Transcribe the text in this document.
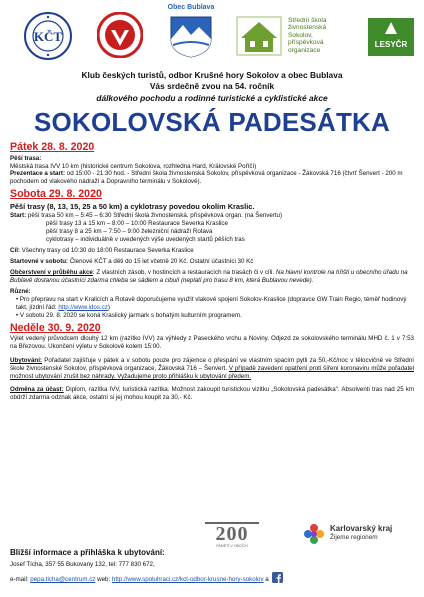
KČT
Obec Bublava
Střední škola
živnostenská
Sokolov,
příspěvková
organizace
LESYČR
Klub českých turistů, odbor Krušné hory Sokolov a obec Bublava
Vás srdečně zvou na 54. ročník
dálkového pochodu a rodinné turistické a cyklistické akce
SOKOLOVSKÁ PADESÁTKA
Pátek 28. 8. 2020
Pěší trasa:
Městská trasa IVV 10 km (historické centrum Sokolova, rozhledna Hard, Královské Poříčí)
Prezentace a start: od 15:00 - 21:30 hod. - Střední škola živnostenská Sokolov, příspěvková organizace - Žákovská 716 (čtvrť Šenvert - 200 m pochodem od vlakového nádraží a Dopravního terminálu v Sokolově).
Sobota 29. 8. 2020
Pěší trasy (8, 13, 15, 25 a 50 km) a cyklotrasy povedou okolím Kraslic.
Start: pěší trasa 50 km – 5:45 – 6:30 Střední škola živnostenská, příspěvková organ. (na Šenvertu)
pěší trasy 13 a 15 km – 8:00 – 10:00 Restaurace Severka Kraslice
pěší trasy 8 a 25 km – 7:50 – 9:00 železniční nádraží Rotava
cyklotrasy – individuálně v uvedených výše uvedených startů pěších tras
Cíl: Všechny trasy od 10:30 do 18:00 Restaurace Severka Kraslice
Startovné v sobotu: Členové KČT a děti do 15 let včetně 20 Kč. Ostatní účastníci 30 Kč
Občerstvení v průběhu akce: Z vlastních zásob, v hostincích a restauracích na trasách či v cíli. Na hlavní kontrole na hřišti u obecního úřadu na Bublavě dostanou účastníci zdarma chleba se sádlem a cibulí (neplatí pro trasu 8 km, která Bublavou nevede).
Různé:
• Pro přepravu na start v Kralicích a Rotavě doporučujeme využít vlakové spojení Sokolov-Kraslice (dopravce GW Train Regio, téměř hodinový takt, jízdní řád: http://www.idos.cz)
• V sobotu 29. 8. 2020 se koná Kraslický jarmark s bohatým kulturním programem.
Neděle 30. 9. 2020
Výlet vedený průvodcem dlouhý 12 km (razítko IVV) za výhledy z Paseckého vrchu a Noviny. Odjezd ze sokolovského terminálu MHD č. 1 v 7:53 na Březovou. Ukončení výletu v Sokolově kolem 15:00.
Ubytování: Pořadatel zajišťuje v pátek a v sobotu pouze pro zájemce o přespání ve vlastním spacím pytli za 50,-Kč/noc v tělocvičně ve Střední škole živnostenské Sokolov, příspěvková organizace, Žákovská 716 – Šenvert. V případě zavedení opatření proti šíření koronaviru může pořadatel možnost ubytování zrušit bez náhrady. Vyžadujeme proto přihlášku k ubytování předem.
Odměna za účast: Diplom, razítka IVV, turistická razítka. Možnost zakoupit turistickou vizitku „Sokolovská padesátka". Absolventi tras nad 25 km obdrží zdarma odznak akce, ostatní si jej mohou koupit za 30,- Kč.
200
PAMĚTÍ V OBCÍCH
Karlovarský kraj
Žijeme regionem
Bližší informace a přihláška k ubytování:
Josef Tícha, 357 55 Bukovany 132, tel: 777 830 672,
e-mail: pepa.ticha@centrum.cz web: http://www.spoluhraci.cz/kct-odbor-krusne-hory-sokolov a
